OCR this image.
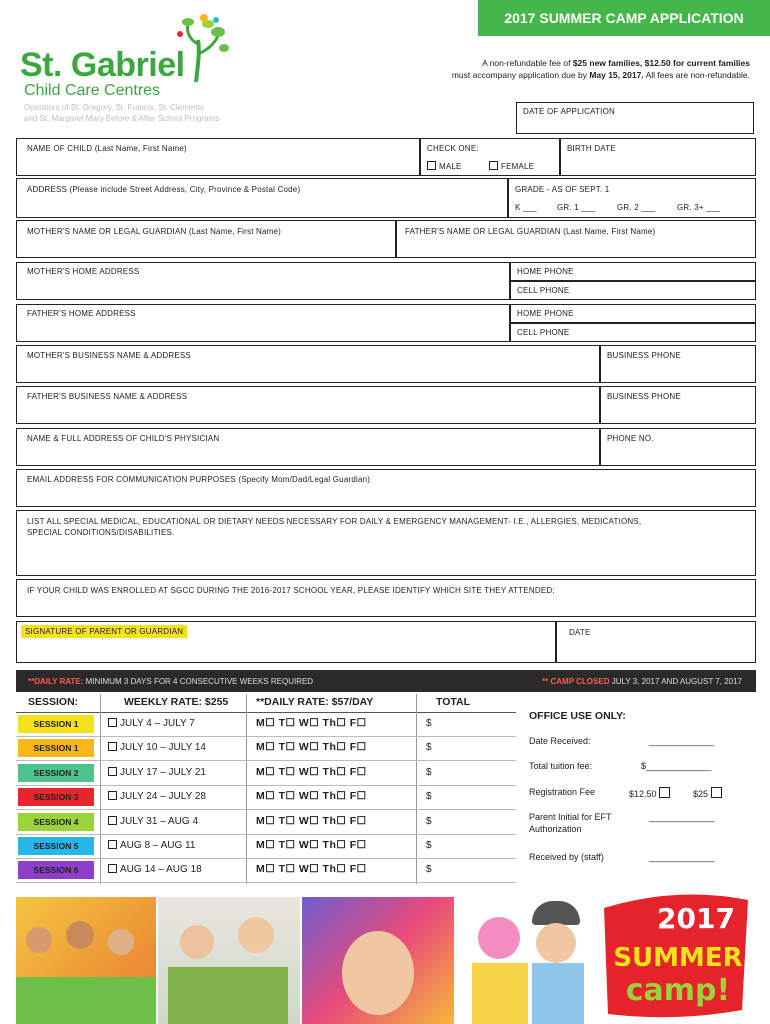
2017 SUMMER CAMP APPLICATION
St. Gabriel
Child Care Centres
Operators of St. Gregory, St. Francis, St. Clements
and St. Margaret Mary Before & After School Programs
A non-refundable fee of $25 new families, $12.50 for current families
must accompany application due by May 15, 2017. All fees are non-refundable.
DATE OF APPLICATION
NAME OF CHILD (Last Name, First Name)	CHECK ONE:
MALE	FEMALE
BIRTH DATE
ADDRESS (Please include Street Address, City, Province & Postal Code)	GRADE - AS OF SEPT. 1
K ___	GR. 1 ___	GR. 2 ___	GR. 3+ ___
MOTHER'S NAME OR LEGAL GUARDIAN (Last Name, First Name)	FATHER'S NAME OR LEGAL GUARDIAN (Last Name, First Name)
MOTHER'S HOME ADDRESS	HOME PHONE
CELL PHONE
FATHER'S HOME ADDRESS	HOME PHONE
CELL PHONE
MOTHER'S BUSINESS NAME & ADDRESS	BUSINESS PHONE
FATHER'S BUSINESS NAME & ADDRESS	BUSINESS PHONE
NAME & FULL ADDRESS OF CHILD'S PHYSICIAN	PHONE NO.
EMAIL ADDRESS FOR COMMUNICATION PURPOSES (Specify Mom/Dad/Legal Guardian)
LIST ALL SPECIAL MEDICAL, EDUCATIONAL OR DIETARY NEEDS NECESSARY FOR DAILY & EMERGENCY MANAGEMENT- I.E., ALLERGIES, MEDICATIONS,
SPECIAL CONDITIONS/DISABILITIES.
IF YOUR CHILD WAS ENROLLED AT SGCC DURING THE 2016-2017 SCHOOL YEAR, PLEASE IDENTIFY WHICH SITE THEY ATTENDED:
SIGNATURE OF PARENT OR GUARDIAN	DATE
**DAILY RATE: MINIMUM 3 DAYS FOR 4 CONSECUTIVE WEEKS REQUIRED	** CAMP CLOSED JULY 3, 2017 AND AUGUST 7, 2017
SESSION:	WEEKLY RATE: $255	**DAILY RATE: $57/DAY	TOTAL
SESSION 1	JULY 4 – JULY 7	M☐ T☐ W☐ Th☐ F☐	$
SESSION 1	JULY 10 – JULY 14	M☐ T☐ W☐ Th☐ F☐	$
SESSION 2	JULY 17 – JULY 21	M☐ T☐ W☐ Th☐ F☐	$
SESSION 3	JULY 24 – JULY 28	M☐ T☐ W☐ Th☐ F☐	$
SESSION 4	JULY 31 – AUG 4	M☐ T☐ W☐ Th☐ F☐	$
SESSION 5	AUG 8 – AUG 11	M☐ T☐ W☐ Th☐ F☐	$
SESSION 6	AUG 14 – AUG 18	M☐ T☐ W☐ Th☐ F☐	$
OFFICE USE ONLY:
Date Received:	_____________
Total tuition fee:	$_____________
Registration Fee	$12.50	$25
Parent Initial for EFT
Authorization
_____________
Received by (staff)	_____________
2017
SUMMER
camp!
